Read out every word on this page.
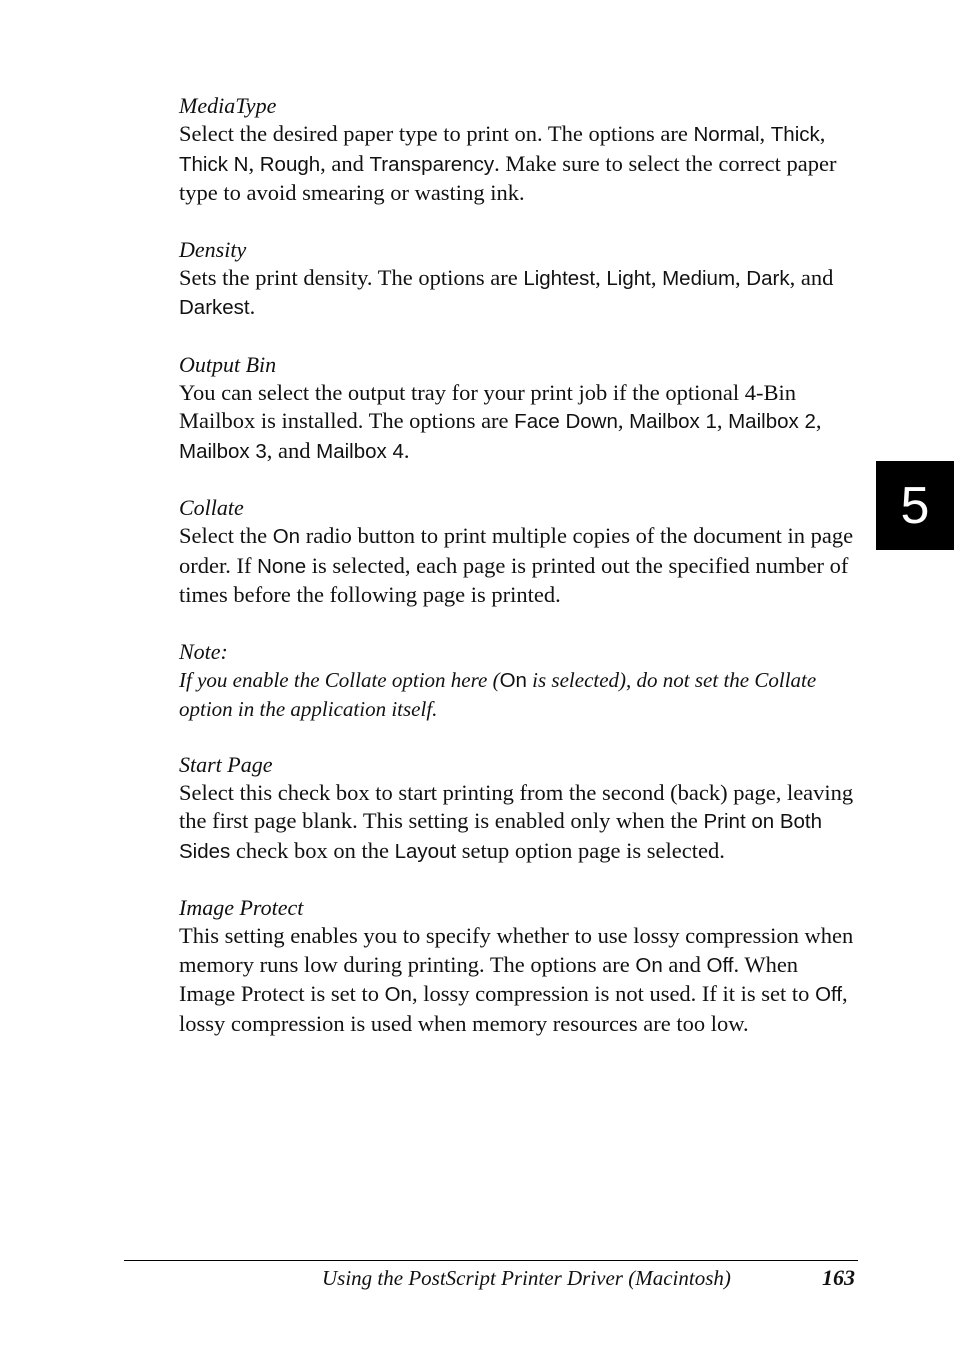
MediaType

Select the desired paper type to print on. The options are Normal, Thick, Thick N, Rough, and Transparency. Make sure to select the correct paper type to avoid smearing or wasting ink.

Density

Sets the print density. The options are Lightest, Light, Medium, Dark, and Darkest.

Output Bin

You can select the output tray for your print job if the optional 4-Bin Mailbox is installed. The options are Face Down, Mailbox 1, Mailbox 2, Mailbox 3, and Mailbox 4.

Collate

Select the On radio button to print multiple copies of the document in page order. If None is selected, each page is printed out the specified number of times before the following page is printed.

Note:

If you enable the Collate option here (On is selected), do not set the Collate option in the application itself.

Start Page

Select this check box to start printing from the second (back) page, leaving the first page blank. This setting is enabled only when the Print on Both Sides check box on the Layout setup option page is selected.

Image Protect

This setting enables you to specify whether to use lossy compression when memory runs low during printing. The options are On and Off. When Image Protect is set to On, lossy compression is not used. If it is set to Off, lossy compression is used when memory resources are too low.

5
Using the PostScript Printer Driver (Macintosh)	163
